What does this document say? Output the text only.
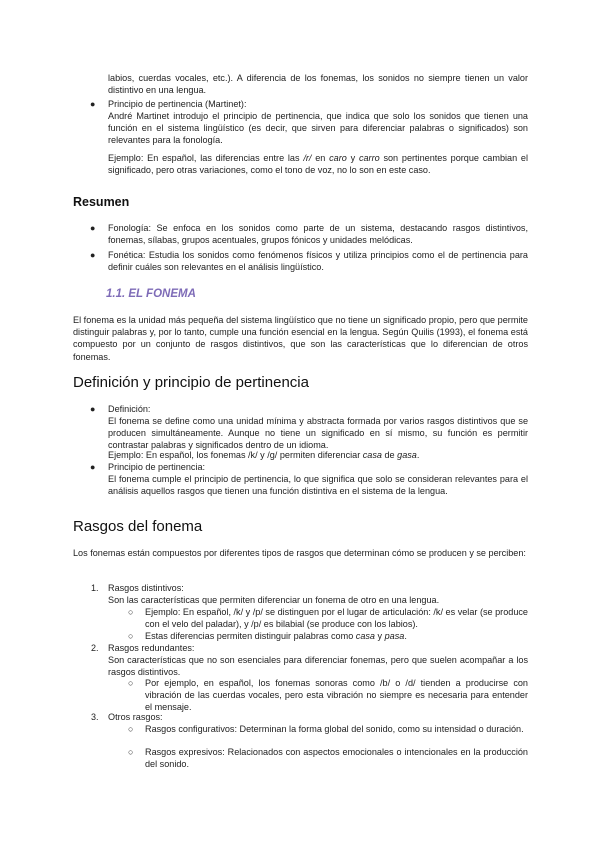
labios, cuerdas vocales, etc.). A diferencia de los fonemas, los sonidos no siempre tienen un valor distintivo en una lengua.

● Principio de pertinencia (Martinet):

André Martinet introdujo el principio de pertinencia, que indica que solo los sonidos que tienen una función en el sistema lingüístico (es decir, que sirven para diferenciar palabras o significados) son relevantes para la fonología.

Ejemplo: En español, las diferencias entre las /r/ en caro y carro son pertinentes porque cambian el significado, pero otras variaciones, como el tono de voz, no lo son en este caso.

Resumen
● Fonología: Se enfoca en los sonidos como parte de un sistema, destacando rasgos distintivos, fonemas, sílabas, grupos acentuales, grupos fónicos y unidades melódicas.

● Fonética: Estudia los sonidos como fenómenos físicos y utiliza principios como el de pertinencia para definir cuáles son relevantes en el análisis lingüístico.

1.1. EL FONEMA

El fonema es la unidad más pequeña del sistema lingüístico que no tiene un significado propio, pero que permite distinguir palabras y, por lo tanto, cumple una función esencial en la lengua. Según Quilis (1993), el fonema está compuesto por un conjunto de rasgos distintivos, que son las características que lo diferencian de otros fonemas.

Definición y principio de pertinencia
● Definición:

El fonema se define como una unidad mínima y abstracta formada por varios rasgos distintivos que se producen simultáneamente. Aunque no tiene un significado en sí mismo, su función es permitir contrastar palabras y significados dentro de un idioma.

Ejemplo: En español, los fonemas /k/ y /g/ permiten diferenciar casa de gasa.

● Principio de pertinencia:

El fonema cumple el principio de pertinencia, lo que significa que solo se consideran relevantes para el análisis aquellos rasgos que tienen una función distintiva en el sistema de la lengua.

Rasgos del fonema

Los fonemas están compuestos por diferentes tipos de rasgos que determinan cómo se producen y se perciben:

1. Rasgos distintivos:

Son las características que permiten diferenciar un fonema de otro en una lengua.

○ Ejemplo: En español, /k/ y /p/ se distinguen por el lugar de articulación: /k/ es velar (se produce con el velo del paladar), y /p/ es bilabial (se produce con los labios).

○ Estas diferencias permiten distinguir palabras como casa y pasa.

2. Rasgos redundantes:

Son características que no son esenciales para diferenciar fonemas, pero que suelen acompañar a los rasgos distintivos.

○ Por ejemplo, en español, los fonemas sonoras como /b/ o /d/ tienden a producirse con vibración de las cuerdas vocales, pero esta vibración no siempre es necesaria para entender el mensaje.

3. Otros rasgos:

○ Rasgos configurativos: Determinan la forma global del sonido, como su intensidad o duración.

○ Rasgos expresivos: Relacionados con aspectos emocionales o intencionales en la producción del sonido.
